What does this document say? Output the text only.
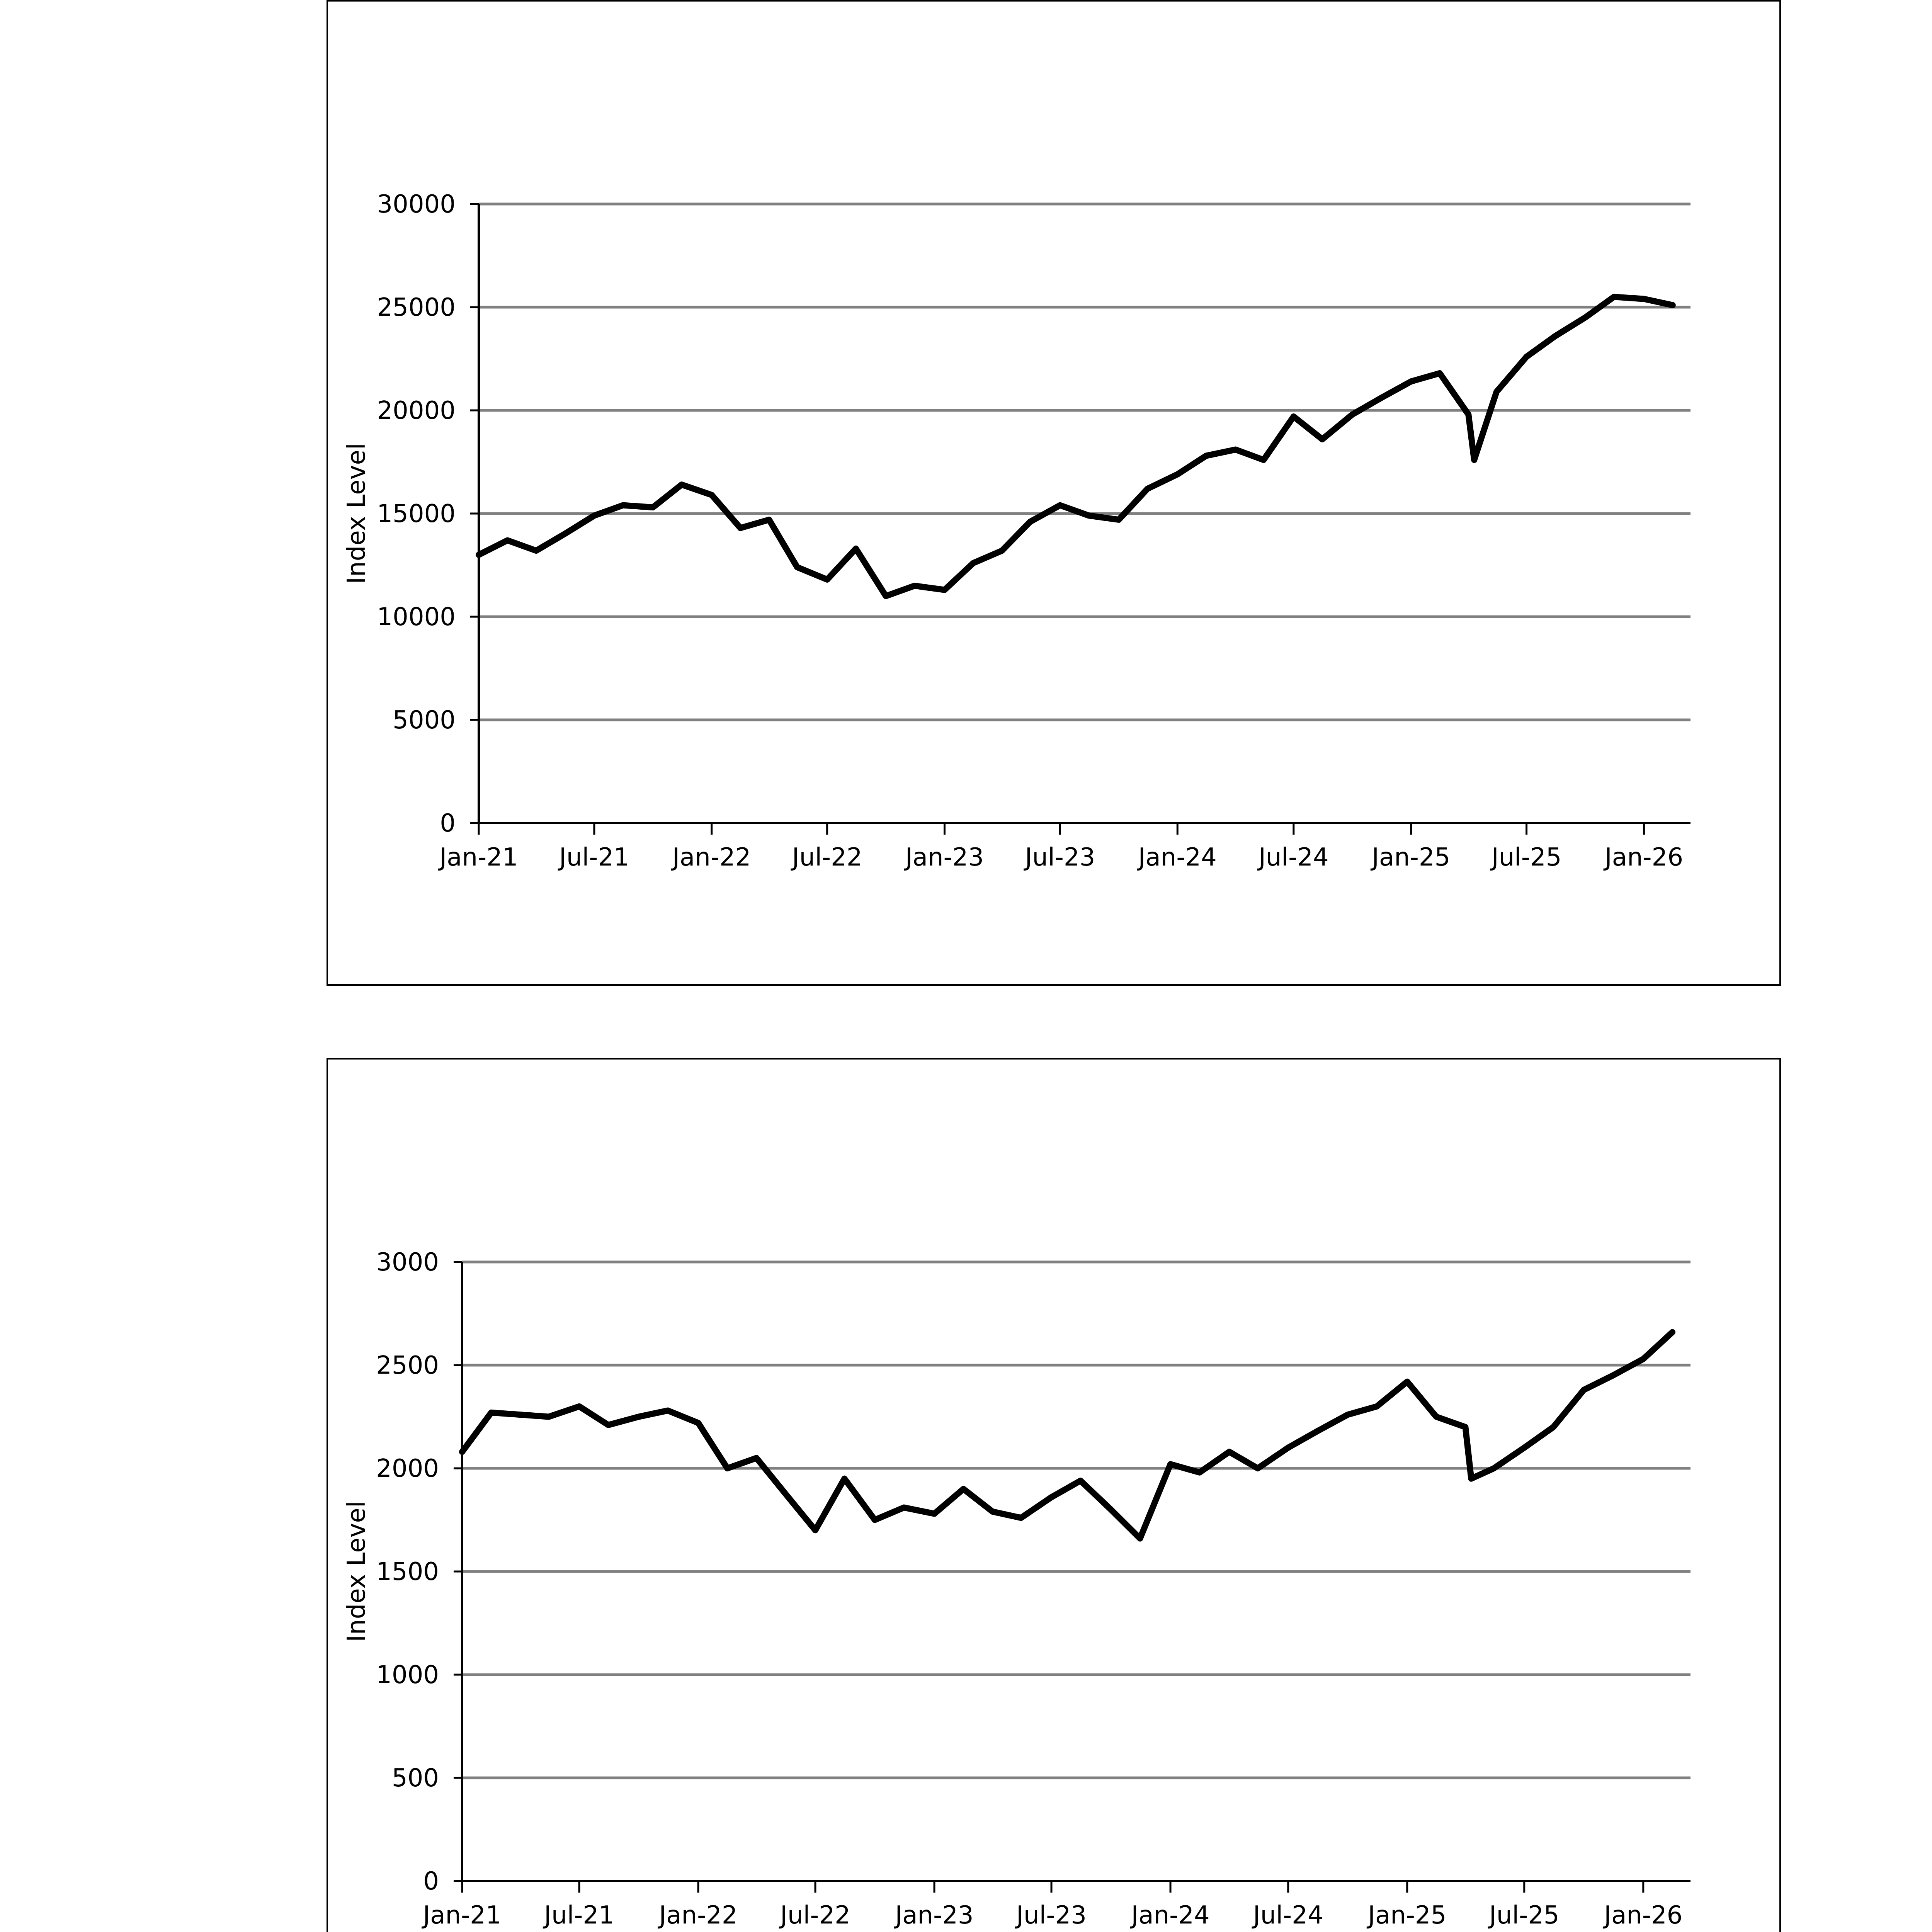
0
5000
10000
15000
20000
25000
30000
Jan-21 Jul-21 Jan-22 Jul-22 Jan-23 Jul-23 Jan-24 Jul-24 Jan-25 Jul-25 Jan-26
Index Level
0
500
1000
1500
2000
2500
3000
Jan-21 Jul-21 Jan-22 Jul-22 Jan-23 Jul-23 Jan-24 Jul-24 Jan-25 Jul-25 Jan-26
Index Level
